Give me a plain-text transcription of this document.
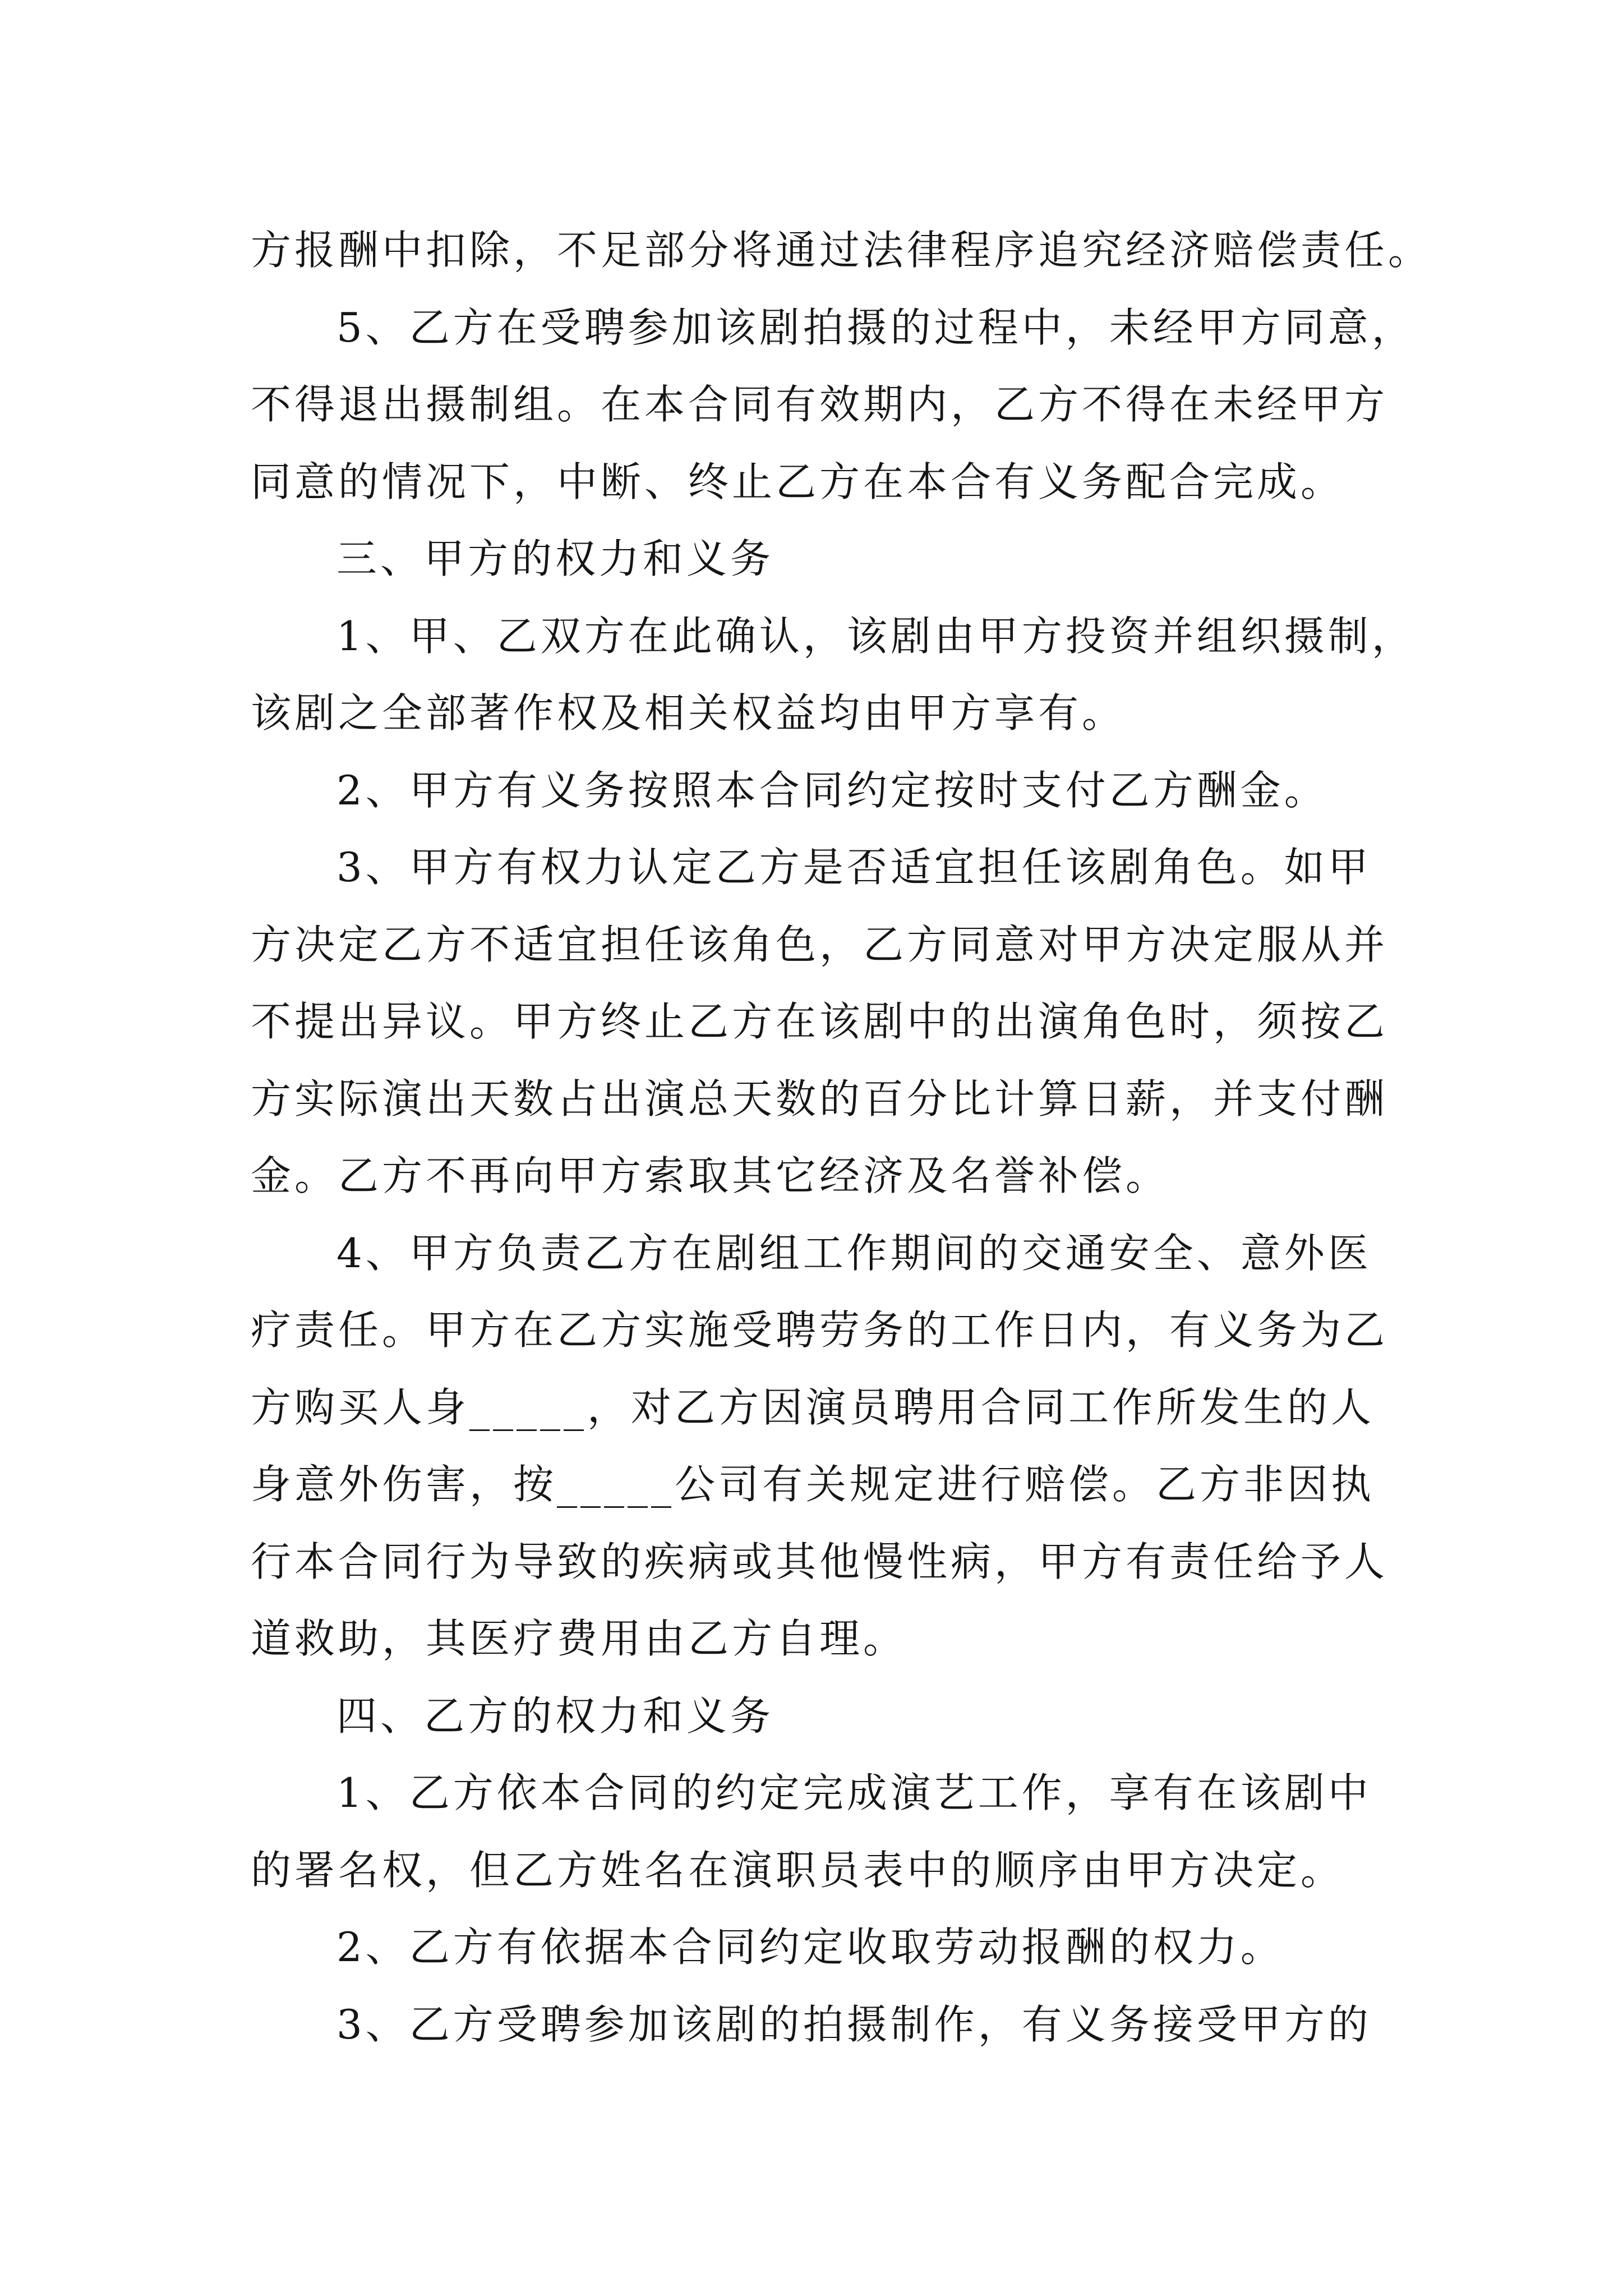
方报酬中扣除，不足部分将通过法律程序追究经济赔偿责任。
5、乙方在受聘参加该剧拍摄的过程中，未经甲方同意，
不得退出摄制组。在本合同有效期内，乙方不得在未经甲方
同意的情况下，中断、终止乙方在本合有义务配合完成。
三、甲方的权力和义务
1、甲、乙双方在此确认，该剧由甲方投资并组织摄制，
该剧之全部著作权及相关权益均由甲方享有。
2、甲方有义务按照本合同约定按时支付乙方酬金。
3、甲方有权力认定乙方是否适宜担任该剧角色。如甲
方决定乙方不适宜担任该角色，乙方同意对甲方决定服从并
不提出异议。甲方终止乙方在该剧中的出演角色时，须按乙
方实际演出天数占出演总天数的百分比计算日薪，并支付酬
金。乙方不再向甲方索取其它经济及名誉补偿。
4、甲方负责乙方在剧组工作期间的交通安全、意外医
疗责任。甲方在乙方实施受聘劳务的工作日内，有义务为乙
方购买人身_____，对乙方因演员聘用合同工作所发生的人
身意外伤害，按_____公司有关规定进行赔偿。乙方非因执
行本合同行为导致的疾病或其他慢性病，甲方有责任给予人
道救助，其医疗费用由乙方自理。
四、乙方的权力和义务
1、乙方依本合同的约定完成演艺工作，享有在该剧中
的署名权，但乙方姓名在演职员表中的顺序由甲方决定。
2、乙方有依据本合同约定收取劳动报酬的权力。
3、乙方受聘参加该剧的拍摄制作，有义务接受甲方的
